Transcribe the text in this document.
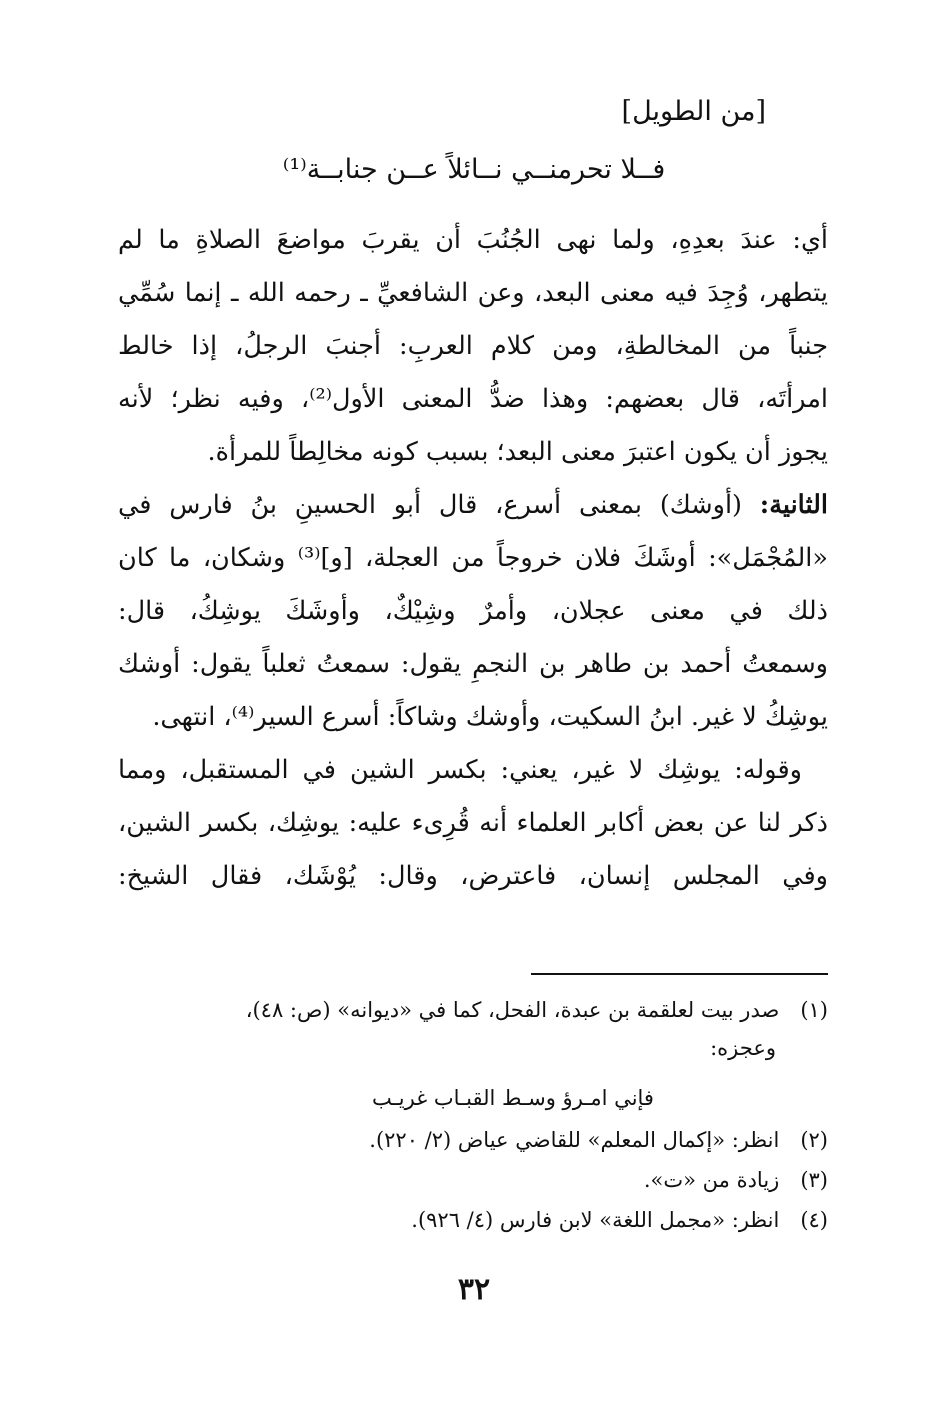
[من الطويل]
فــلا تحرمنــي نــائلاً عــن جنابــة⁽¹⁾
أي: عندَ بعدِهِ، ولما نهى الجُنُبَ أن يقربَ مواضعَ الصلاةِ ما لم
يتطهر، وُجِدَ فيه معنى البعد، وعن الشافعيِّ ـ رحمه الله ـ إنما سُمِّي
جنباً من المخالطةِ، ومن كلام العربِ: أجنبَ الرجلُ، إذا خالط
امرأتَه، قال بعضهم: وهذا ضدُّ المعنى الأول⁽²⁾، وفيه نظر؛ لأنه
يجوز أن يكون اعتبرَ معنى البعد؛ بسبب كونه مخالِطاً للمرأة.
الثانية: (أوشك) بمعنى أسرع، قال أبو الحسينِ بنُ فارس في
«المُجْمَل»: أوشَكَ فلان خروجاً من العجلة، [و]⁽³⁾ وشكان، ما كان
ذلك في معنى عجلان، وأمرٌ وشِيْكٌ، وأوشَكَ يوشِكُ، قال:
وسمعتُ أحمد بن طاهر بن النجمِ يقول: سمعتُ ثعلباً يقول: أوشك
يوشِكُ لا غير. ابنُ السكيت، وأوشك وشاكاً: أسرع السير⁽⁴⁾، انتهى.
وقوله: يوشِك لا غير، يعني: بكسر الشين في المستقبل، ومما
ذكر لنا عن بعض أكابر العلماء أنه قُرِىء عليه: يوشِك، بكسر الشين،
وفي المجلس إنسان، فاعترض، وقال: يُوْشَك، فقال الشيخ:
(١) صدر بيت لعلقمة بن عبدة، الفحل، كما في «ديوانه» (ص: ٤٨)،
وعجزه:
فإني امـرؤ وسـط القبـاب غريـب
(٢) انظر: «إكمال المعلم» للقاضي عياض (٢/ ٢٢٠).
(٣) زيادة من «ت».
(٤) انظر: «مجمل اللغة» لابن فارس (٤/ ٩٢٦).
٣٢
